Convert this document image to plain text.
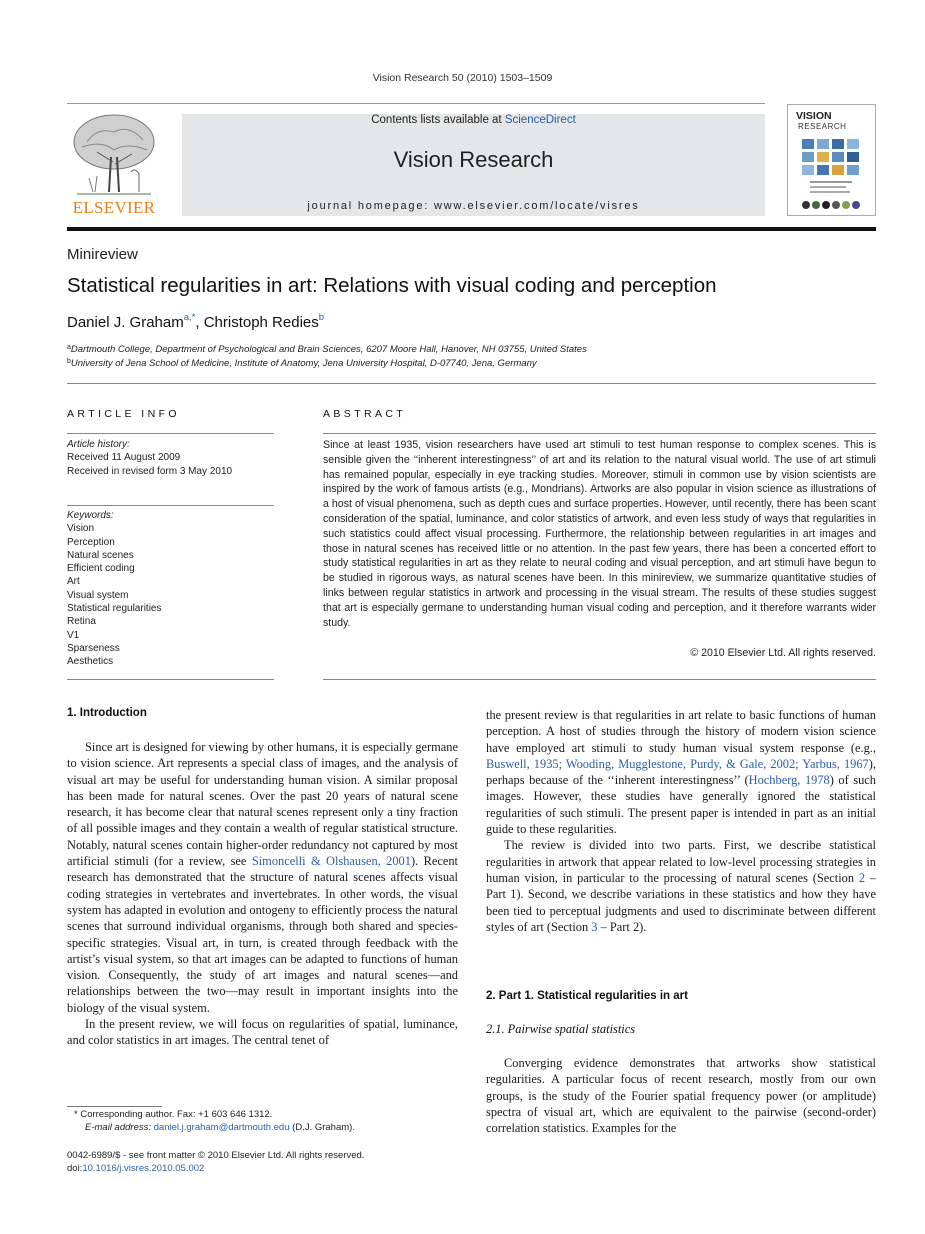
Vision Research 50 (2010) 1503–1509
ELSEVIER
Contents lists available at ScienceDirect
Vision Research
journal homepage: www.elsevier.com/locate/visres
VISION
RESEARCH
Minireview
Statistical regularities in art: Relations with visual coding and perception
Daniel J. Graham$^{a,*}$, Christoph Redies$^b$
$^a$Dartmouth College, Department of Psychological and Brain Sciences, 6207 Moore Hall, Hanover, NH 03755, United States
$^b$University of Jena School of Medicine, Institute of Anatomy, Jena University Hospital, D-07740, Jena, Germany
ARTICLE INFO
Article history:
Received 11 August 2009
Received in revised form 3 May 2010
Keywords:
Vision
Perception
Natural scenes
Efficient coding
Art
Visual system
Statistical regularities
Retina
V1
Sparseness
Aesthetics
ABSTRACT
Since at least 1935, vision researchers have used art stimuli to test human response to complex scenes. This is sensible given the ‘‘inherent interestingness’’ of art and its relation to the natural visual world. The use of art stimuli has remained popular, especially in eye tracking studies. Moreover, stimuli in common use by vision scientists are inspired by the work of famous artists (e.g., Mondrians). Artworks are also popular in vision science as illustrations of a host of visual phenomena, such as depth cues and surface properties. However, until recently, there has been scant consideration of the spatial, luminance, and color statistics of artwork, and even less study of ways that regularities in such statistics could affect visual processing. Furthermore, the relationship between regularities in art images and those in natural scenes has received little or no attention. In the past few years, there has been a concerted effort to study statistical regularities in art as they relate to neural coding and visual perception, and art stimuli have begun to be studied in rigorous ways, as natural scenes have been. In this minireview, we summarize quantitative studies of links between regular statistics in artwork and processing in the visual stream. The results of these studies suggest that art is especially germane to understanding human visual coding and perception, and it therefore warrants wider study.
© 2010 Elsevier Ltd. All rights reserved.
1. Introduction

Since art is designed for viewing by other humans, it is especially germane to vision science. Art represents a special class of images, and the analysis of visual art may be useful for understanding human vision. A similar proposal has been made for natural scenes. Over the past 20 years of natural scene research, it has become clear that natural scenes represent only a tiny fraction of all possible images and they contain a wealth of regular statistical structure. Notably, natural scenes contain higher-order redundancy not captured by most artificial stimuli (for a review, see Simoncelli & Olshausen, 2001). Recent research has demonstrated that the structure of natural scenes affects visual coding strategies in vertebrates and invertebrates. In other words, the visual system has adapted in evolution and ontogeny to efficiently process the natural scenes that surround individual organisms, through both shared and species-specific strategies. Visual art, in turn, is created through feedback with the artist’s visual system, so that art images can be adapted to functions of human vision. Consequently, the study of art images and natural scenes—and relationships between the two—may result in important insights into the biology of the visual system.

In the present review, we will focus on regularities of spatial, luminance, and color statistics in art images. The central tenet of

the present review is that regularities in art relate to basic functions of human perception. A host of studies through the history of modern vision science have employed art stimuli to study human visual system response (e.g., Buswell, 1935; Wooding, Mugglestone, Purdy, & Gale, 2002; Yarbus, 1967), perhaps because of the ‘‘inherent interestingness’’ (Hochberg, 1978) of such images. However, these studies have generally ignored the statistical regularities of such stimuli. The present paper is intended in part as an initial guide to these regularities.

The review is divided into two parts. First, we describe statistical regularities in artwork that appear related to low-level processing strategies in human vision, in particular to the processing of natural scenes (Section 2 – Part 1). Second, we describe variations in these statistics and how they have been tied to perceptual judgments and used to discriminate between different styles of art (Section 3 – Part 2).

2. Part 1. Statistical regularities in art
2.1. Pairwise spatial statistics

Converging evidence demonstrates that artworks show statistical regularities. A particular focus of recent research, mostly from our own groups, is the study of the Fourier spatial frequency power (or amplitude) spectra of visual art, which are equivalent to the pairwise (second-order) correlation statistics. Examples for the

* Corresponding author. Fax: +1 603 646 1312.
E-mail address: daniel.j.graham@dartmouth.edu (D.J. Graham).
0042-6989/$ - see front matter © 2010 Elsevier Ltd. All rights reserved.
doi:10.1016/j.visres.2010.05.002
